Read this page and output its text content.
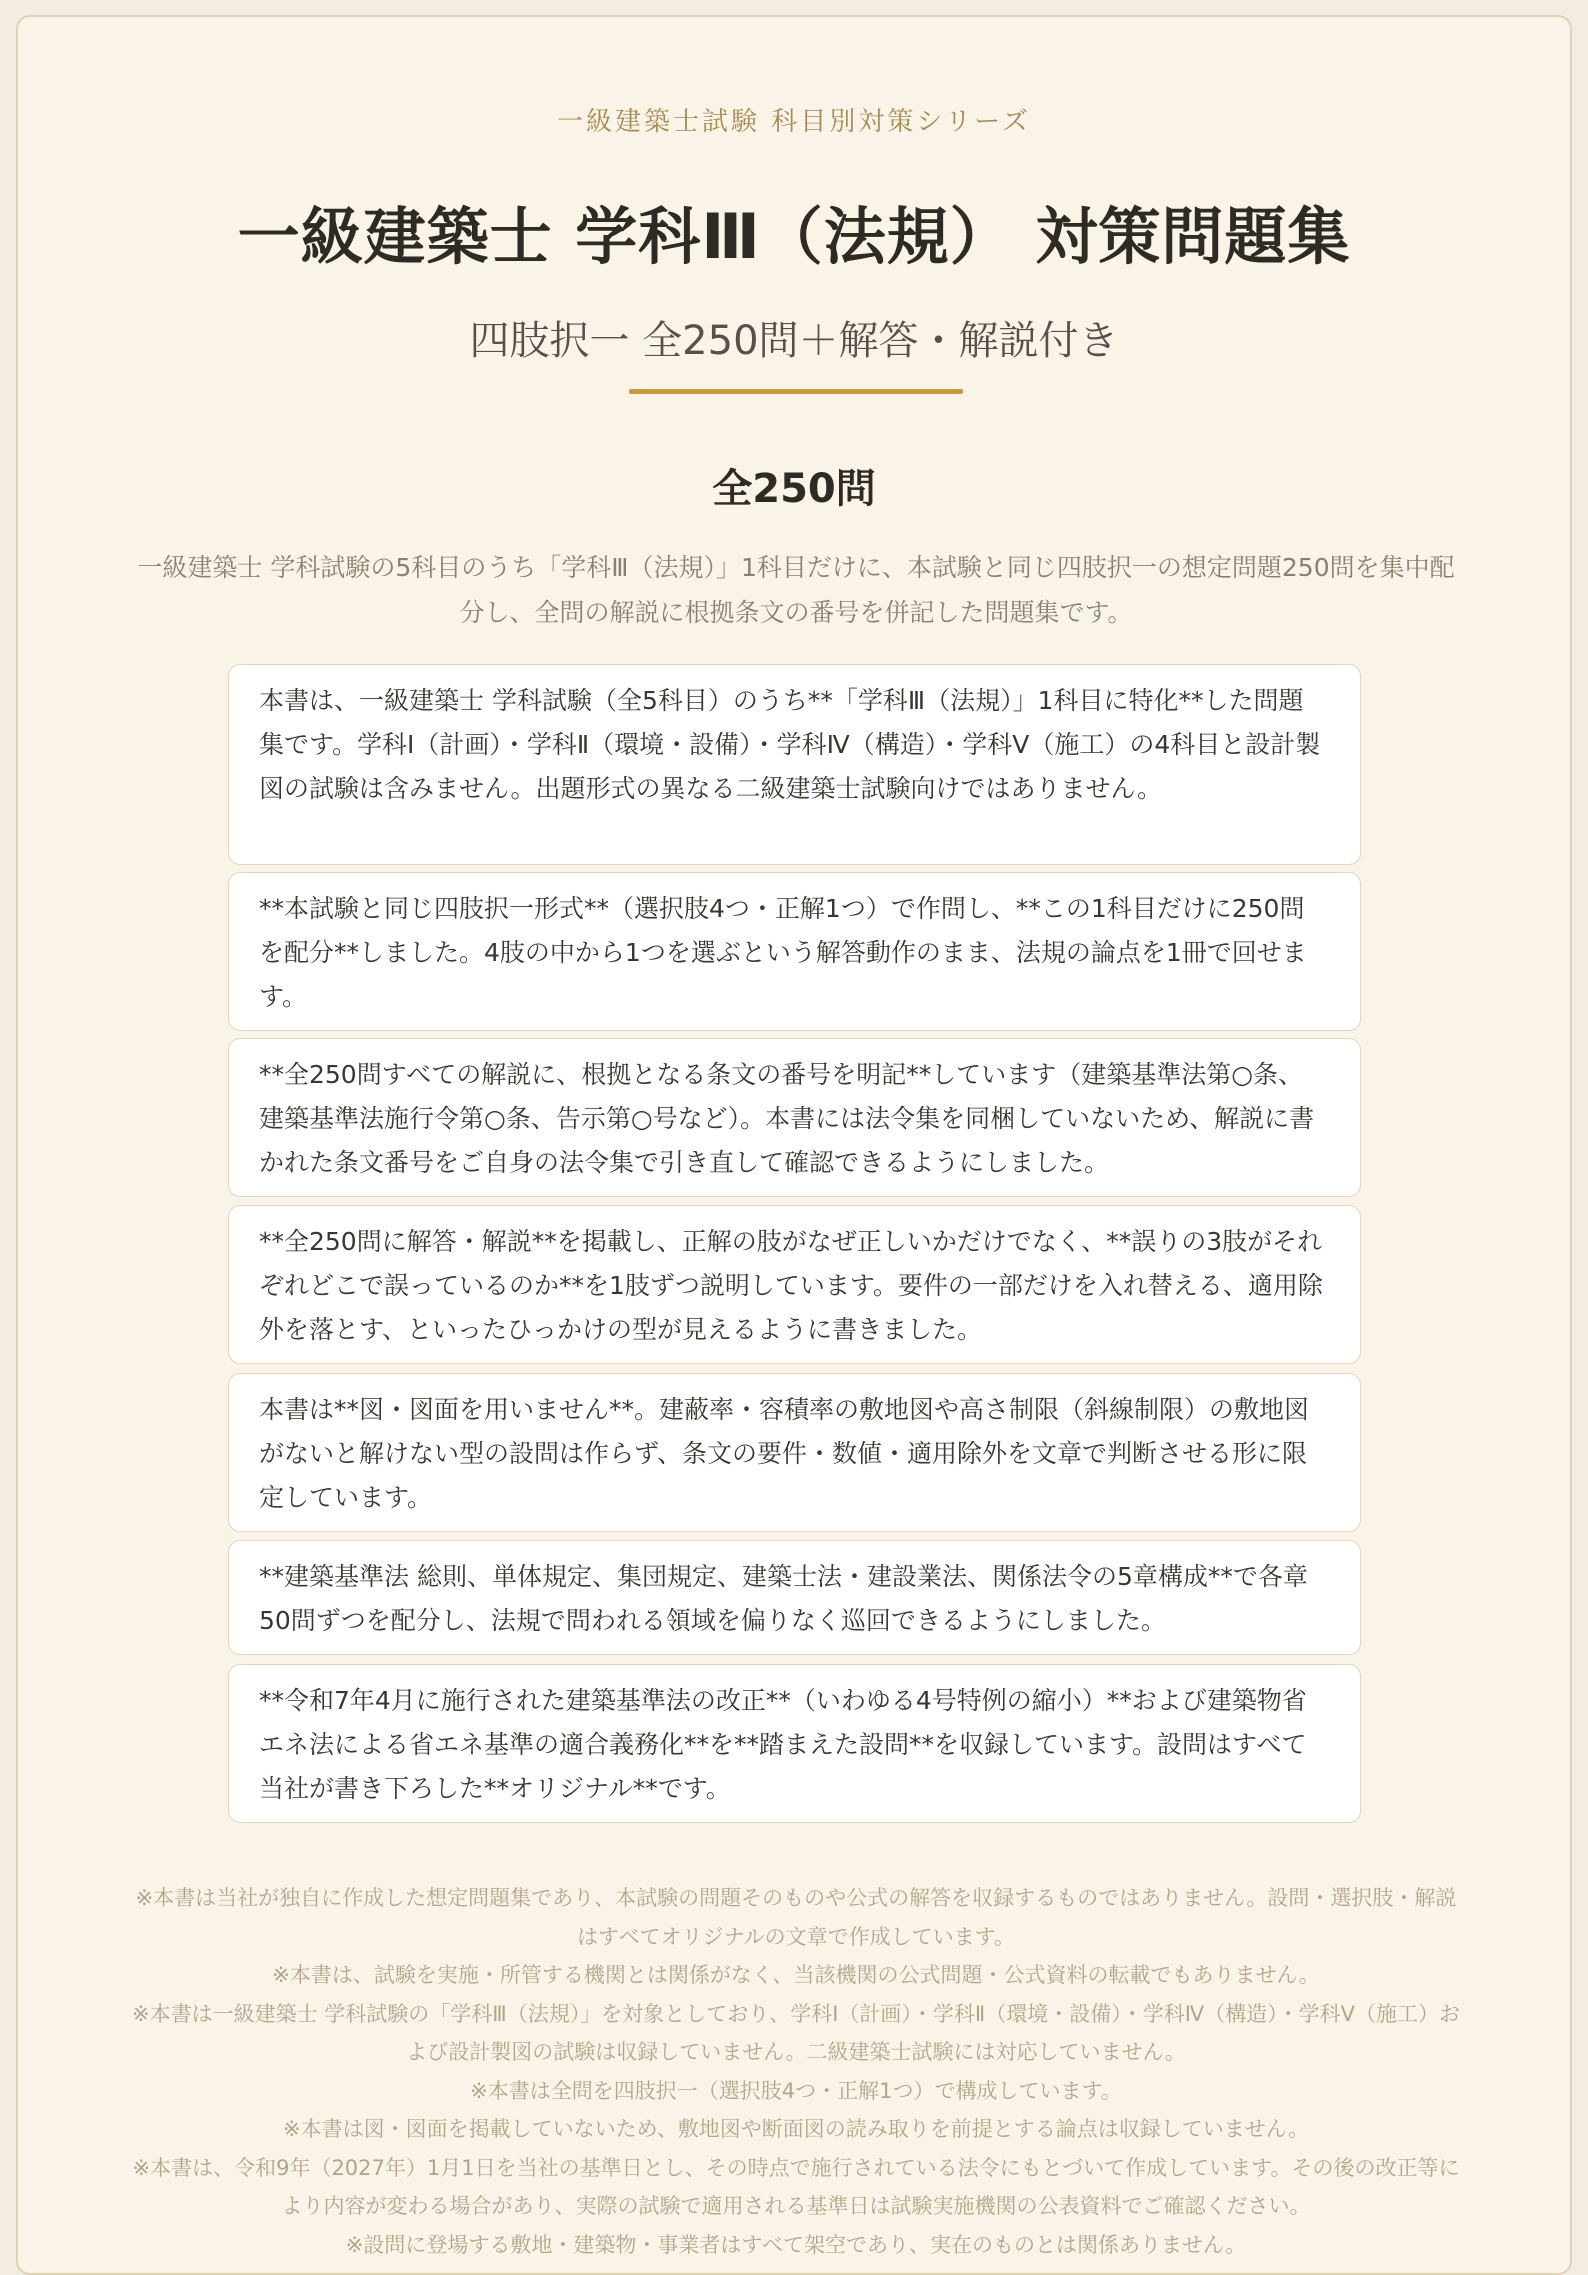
一級建築士試験 科目別対策シリーズ
一級建築士 学科Ⅲ（法規） 対策問題集
四肢択一 全250問＋解答・解説付き
全250問
一級建築士 学科試験の5科目のうち「学科Ⅲ（法規）」1科目だけに、本試験と同じ四肢択一の想定問題250問を集中配分し、全問の解説に根拠条文の番号を併記した問題集です。
本書は、一級建築士 学科試験（全5科目）のうち**「学科Ⅲ（法規）」1科目に特化**した問題集です。学科Ⅰ（計画）・学科Ⅱ（環境・設備）・学科Ⅳ（構造）・学科Ⅴ（施工）の4科目と設計製図の試験は含みません。出題形式の異なる二級建築士試験向けではありません。
**本試験と同じ四肢択一形式**（選択肢4つ・正解1つ）で作問し、**この1科目だけに250問を配分**しました。4肢の中から1つを選ぶという解答動作のまま、法規の論点を1冊で回せます。
**全250問すべての解説に、根拠となる条文の番号を明記**しています（建築基準法第○条、建築基準法施行令第○条、告示第○号など）。本書には法令集を同梱していないため、解説に書かれた条文番号をご自身の法令集で引き直して確認できるようにしました。
**全250問に解答・解説**を掲載し、正解の肢がなぜ正しいかだけでなく、**誤りの3肢がそれぞれどこで誤っているのか**を1肢ずつ説明しています。要件の一部だけを入れ替える、適用除外を落とす、といったひっかけの型が見えるように書きました。
本書は**図・図面を用いません**。建蔽率・容積率の敷地図や高さ制限（斜線制限）の敷地図がないと解けない型の設問は作らず、条文の要件・数値・適用除外を文章で判断させる形に限定しています。
**建築基準法 総則、単体規定、集団規定、建築士法・建設業法、関係法令の5章構成**で各章50問ずつを配分し、法規で問われる領域を偏りなく巡回できるようにしました。
**令和7年4月に施行された建築基準法の改正**（いわゆる4号特例の縮小）**および建築物省エネ法による省エネ基準の適合義務化**を**踏まえた設問**を収録しています。設問はすべて当社が書き下ろした**オリジナル**です。

※本書は当社が独自に作成した想定問題集であり、本試験の問題そのものや公式の解答を収録するものではありません。設問・選択肢・解説はすべてオリジナルの文章で作成しています。

※本書は、試験を実施・所管する機関とは関係がなく、当該機関の公式問題・公式資料の転載でもありません。

※本書は一級建築士 学科試験の「学科Ⅲ（法規）」を対象としており、学科Ⅰ（計画）・学科Ⅱ（環境・設備）・学科Ⅳ（構造）・学科Ⅴ（施工）および設計製図の試験は収録していません。二級建築士試験には対応していません。

※本書は全問を四肢択一（選択肢4つ・正解1つ）で構成しています。

※本書は図・図面を掲載していないため、敷地図や断面図の読み取りを前提とする論点は収録していません。

※本書は、令和9年（2027年）1月1日を当社の基準日とし、その時点で施行されている法令にもとづいて作成しています。その後の改正等により内容が変わる場合があり、実際の試験で適用される基準日は試験実施機関の公表資料でご確認ください。

※設問に登場する敷地・建築物・事業者はすべて架空であり、実在のものとは関係ありません。
